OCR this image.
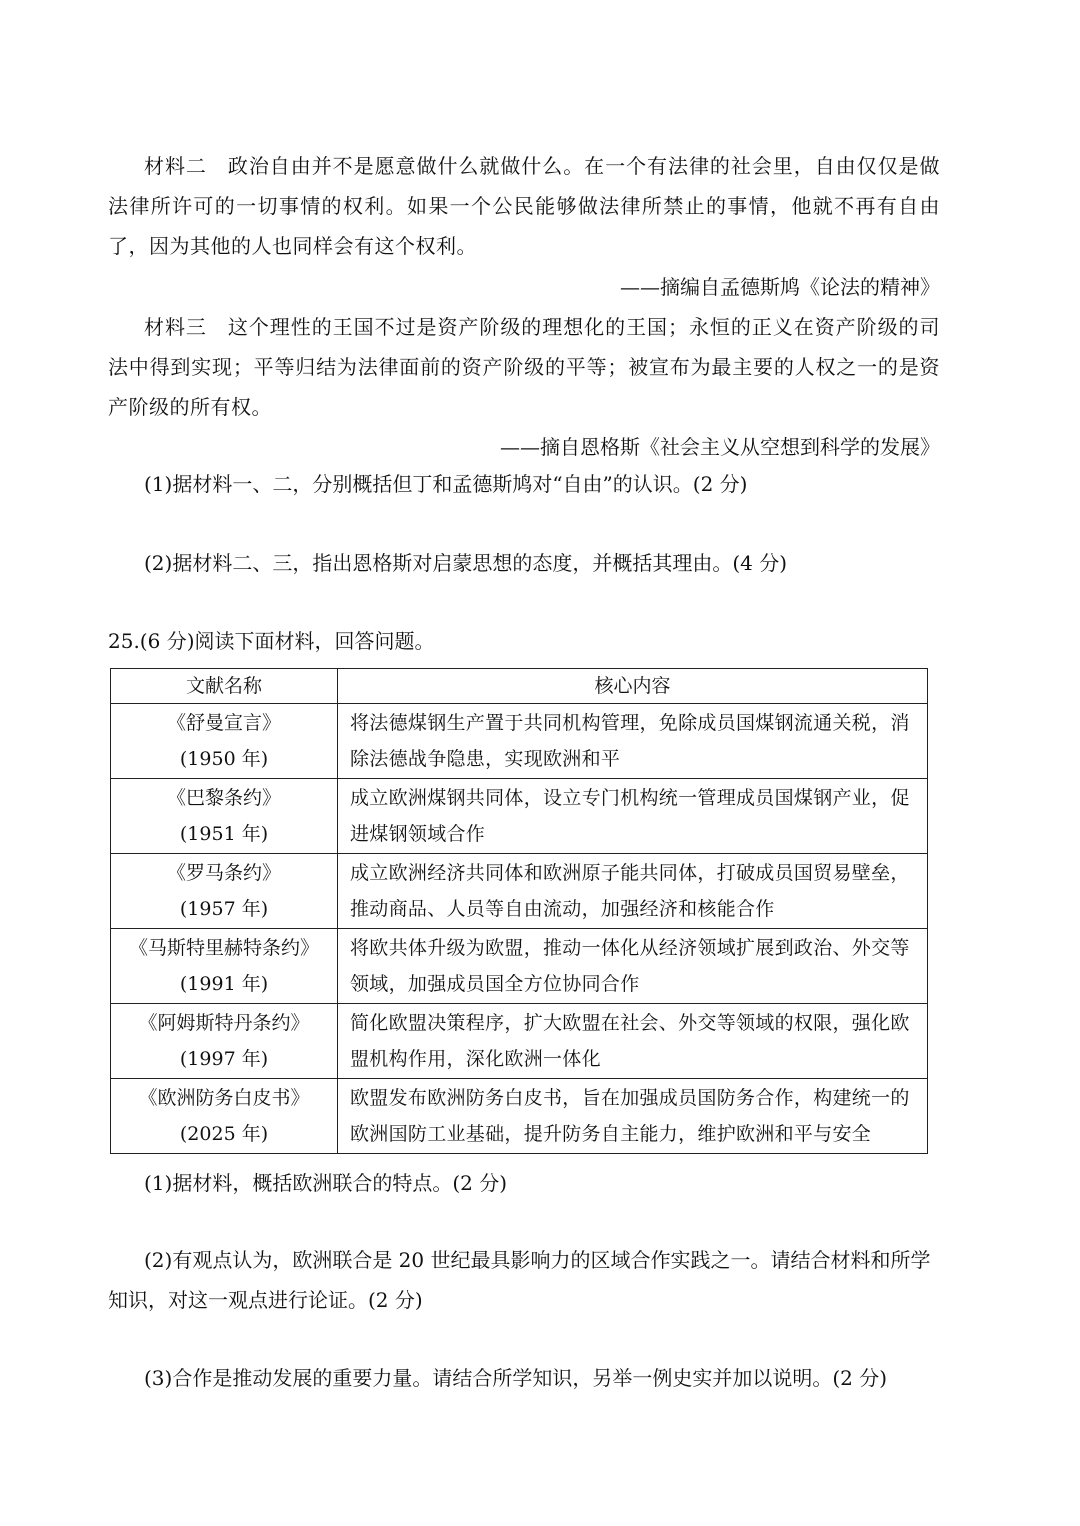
材料二　 政治自由并不是愿意做什么就做什么。在一个有法律的社会里，自由仅仅是做法律所许可的一切事情的权利。如果一个公民能够做法律所禁止的事情，他就不再有自由了，因为其他的人也同样会有这个权利。

——摘编自孟德斯鸠《论法的精神》

材料三　 这个理性的王国不过是资产阶级的理想化的王国；永恒的正义在资产阶级的司法中得到实现；平等归结为法律面前的资产阶级的平等；被宣布为最主要的人权之一的是资产阶级的所有权。

——摘自恩格斯《社会主义从空想到科学的发展》

(1)据材料一、二，分别概括但丁和孟德斯鸠对“自由”的认识。(2 分)

(2)据材料二、三，指出恩格斯对启蒙思想的态度，并概括其理由。(4 分)

25.(6 分)阅读下面材料，回答问题。
文献名称	核心内容

《舒曼宣言》
(1950 年)	将法德煤钢生产置于共同机构管理，免除成员国煤钢流通关税，消除法德战争隐患，实现欧洲和平

《巴黎条约》
(1951 年)	成立欧洲煤钢共同体，设立专门机构统一管理成员国煤钢产业，促进煤钢领域合作

《罗马条约》
(1957 年)	成立欧洲经济共同体和欧洲原子能共同体，打破成员国贸易壁垒，推动商品、人员等自由流动，加强经济和核能合作

《马斯特里赫特条约》
(1991 年)	将欧共体升级为欧盟，推动一体化从经济领域扩展到政治、外交等领域，加强成员国全方位协同合作

《阿姆斯特丹条约》
(1997 年)	简化欧盟决策程序，扩大欧盟在社会、外交等领域的权限，强化欧盟机构作用，深化欧洲一体化

《欧洲防务白皮书》
(2025 年)	欧盟发布欧洲防务白皮书，旨在加强成员国防务合作，构建统一的欧洲国防工业基础，提升防务自主能力，维护欧洲和平与安全

(1)据材料，概括欧洲联合的特点。(2 分)

(2)有观点认为，欧洲联合是 20 世纪最具影响力的区域合作实践之一。请结合材料和所学知识，对这一观点进行论证。(2 分)

(3)合作是推动发展的重要力量。请结合所学知识，另举一例史实并加以说明。(2 分)
